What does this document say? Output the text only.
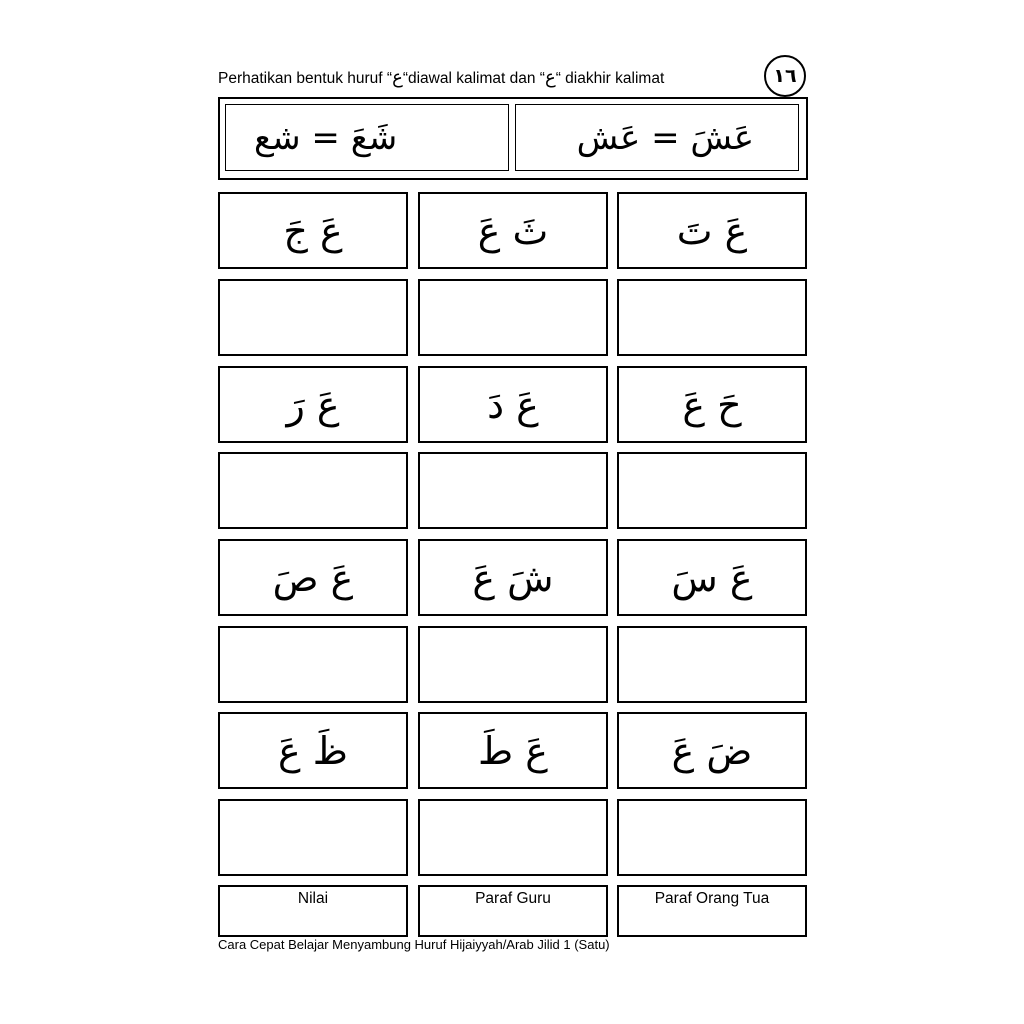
Perhatikan bentuk huruf “ع“diawal kalimat dan “ع“ diakhir kalimat	١٦
شَعَ = شع	عَشَ = عَش
عَ تَ
ثَ عَ
عَ جَ
حَ عَ
عَ دَ
عَ رَ
عَ سَ
شَ عَ
عَ صَ
ضَ عَ
عَ طَ
ظَ عَ
Nilai	Paraf Guru	Paraf Orang Tua
Cara Cepat Belajar Menyambung Huruf Hijaiyyah/Arab Jilid 1 (Satu)
